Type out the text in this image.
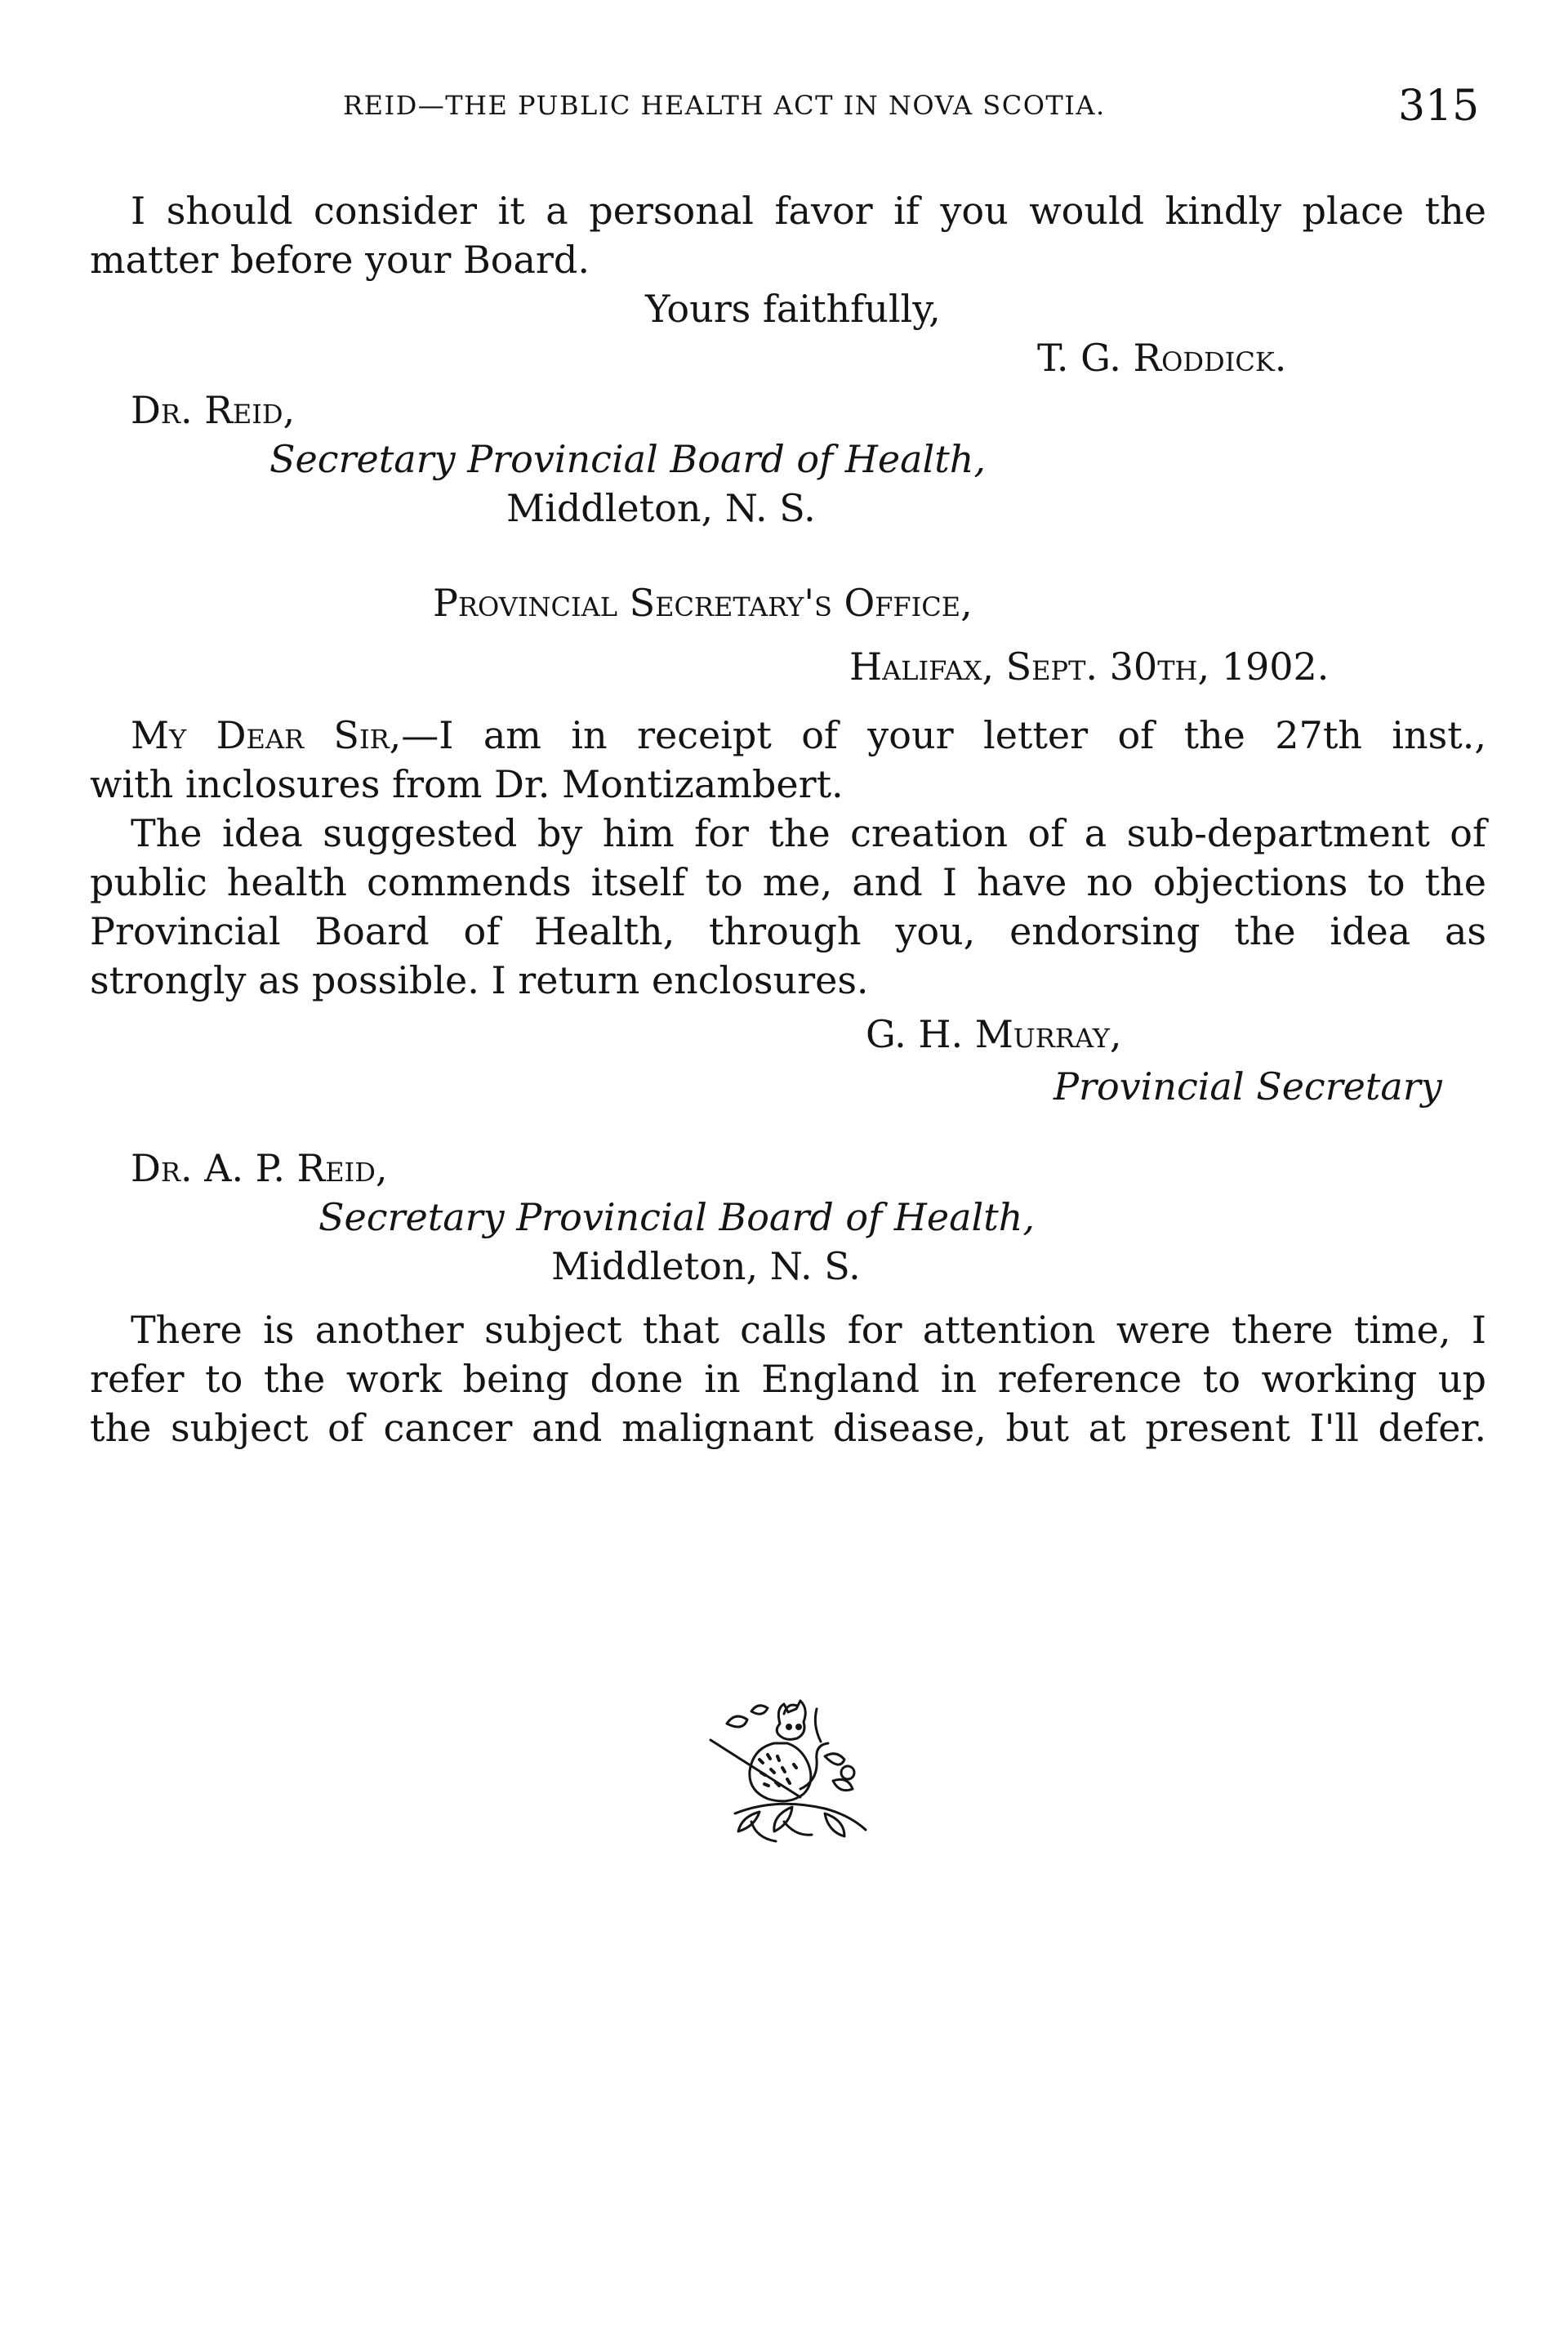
REID—THE PUBLIC HEALTH ACT IN NOVA SCOTIA.	315
I should consider it a personal favor if you would kindly place the
matter before your Board.
Yours faithfully,
T. G. Roddick.
Dr. Reid,
Secretary Provincial Board of Health,
Middleton, N. S.
Provincial Secretary's Office,
Halifax, Sept. 30th, 1902.
My Dear Sir,—I am in receipt of your letter of the 27th inst.,
with inclosures from Dr. Montizambert.
The idea suggested by him for the creation of a sub-department of
public health commends itself to me, and I have no objections to the
Provincial Board of Health, through you, endorsing the idea as
strongly as possible. I return enclosures.
G. H. Murray,
Provincial Secretary
Dr. A. P. Reid,
Secretary Provincial Board of Health,
Middleton, N. S.
There is another subject that calls for attention were there time, I
refer to the work being done in England in reference to working up
the subject of cancer and malignant disease, but at present I'll defer.
